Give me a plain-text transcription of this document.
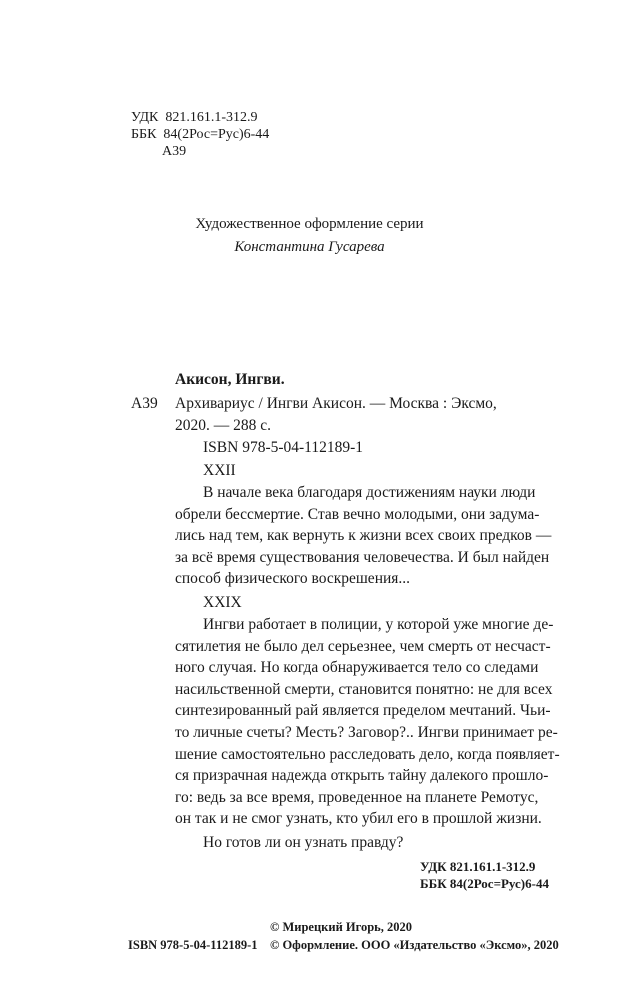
УДК 821.161.1-312.9
ББК 84(2Рос=Рус)6-44
А39
Художественное оформление серии
Константина Гусарева
Акисон, Ингви.
А39 Архивариус / Ингви Акисон. — Москва : Эксмо,
2020. — 288 с.
ISBN 978-5-04-112189-1
XXII
В начале века благодаря достижениям науки люди
обрели бессмертие. Став вечно молодыми, они задума-
лись над тем, как вернуть к жизни всех своих предков —
за всё время существования человечества. И был найден
способ физического воскрешения...
XXIX
Ингви работает в полиции, у которой уже многие де-
сятилетия не было дел серьезнее, чем смерть от несчаст-
ного случая. Но когда обнаруживается тело со следами
насильственной смерти, становится понятно: не для всех
синтезированный рай является пределом мечтаний. Чьи-
то личные счеты? Месть? Заговор?.. Ингви принимает ре-
шение самостоятельно расследовать дело, когда появляет-
ся призрачная надежда открыть тайну далекого прошло-
го: ведь за все время, проведенное на планете Ремотус,
он так и не смог узнать, кто убил его в прошлой жизни.
Но готов ли он узнать правду?
УДК 821.161.1-312.9
ББК 84(2Рос=Рус)6-44
© Мирецкий Игорь, 2020
ISBN 978-5-04-112189-1 © Оформление. ООО «Издательство «Эксмо», 2020
